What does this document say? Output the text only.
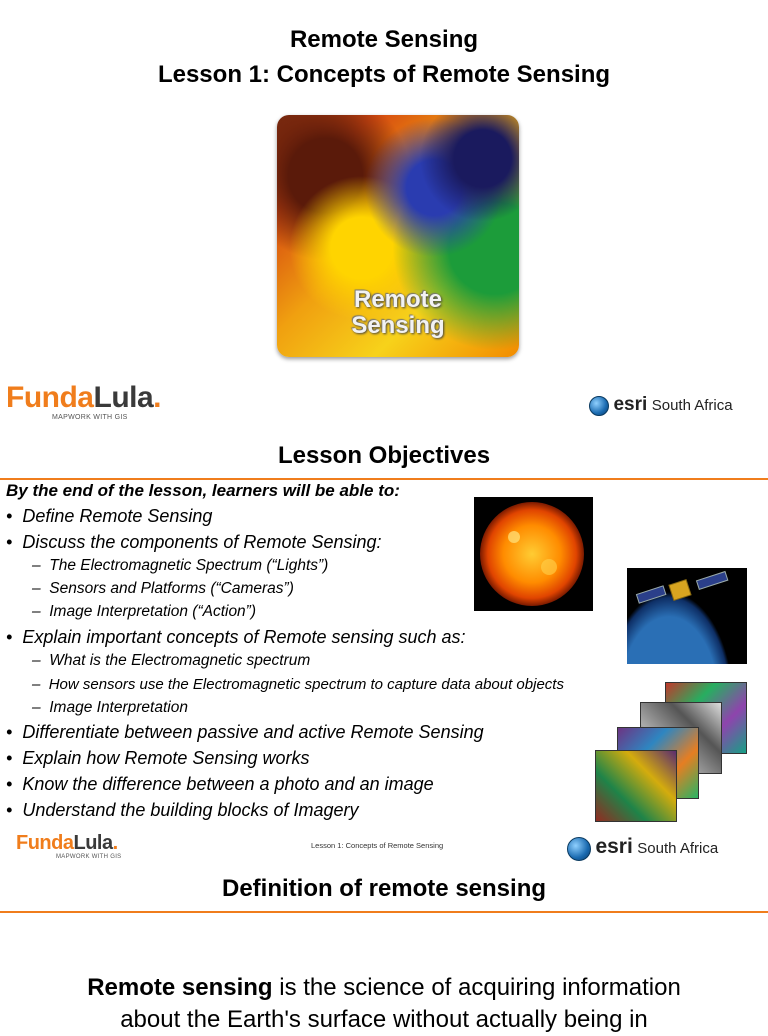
Remote Sensing
Lesson 1: Concepts of Remote Sensing
Remote
Sensing
FundaLula.
MAPWORK WITH GIS
esri South Africa
Lesson Objectives
By the end of the lesson, learners will be able to:
• Define Remote Sensing
• Discuss the components of Remote Sensing:
– The Electromagnetic Spectrum (“Lights”)
– Sensors and Platforms (“Cameras”)
– Image Interpretation (“Action”)
• Explain important concepts of Remote sensing such as:
– What is the Electromagnetic spectrum
– How sensors use the Electromagnetic spectrum to capture data about objects
– Image Interpretation
• Differentiate between passive and active Remote Sensing
• Explain how Remote Sensing works
• Know the difference between a photo and an image
• Understand the building blocks of Imagery
FundaLula.
MAPWORK WITH GIS
Lesson 1: Concepts of Remote Sensing	esri South Africa
Definition of remote sensing
Remote sensing is the science of acquiring information
about the Earth's surface without actually being in
